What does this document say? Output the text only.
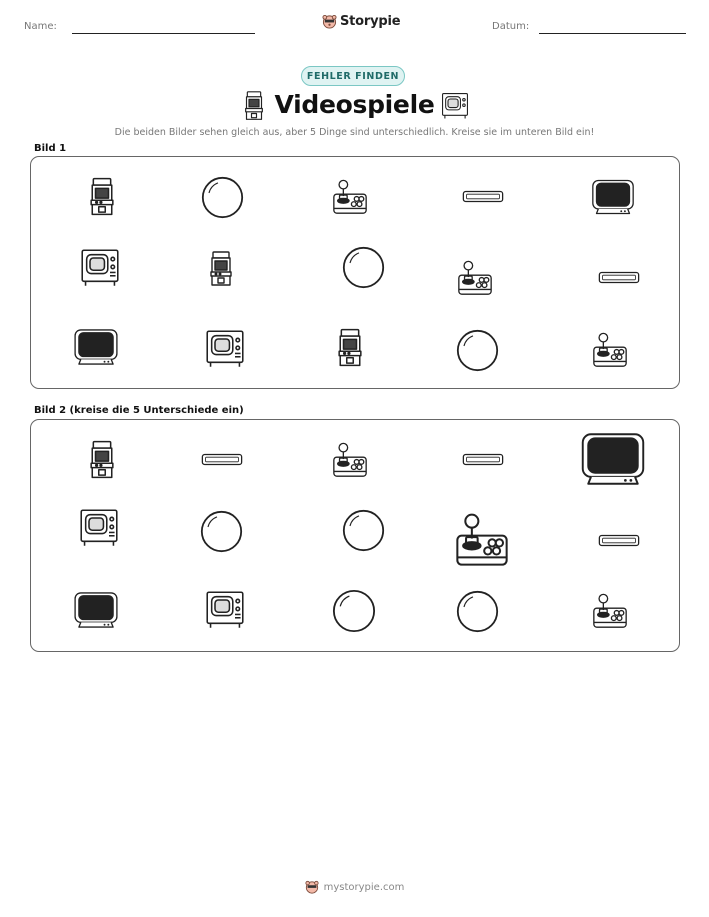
Name:	Storypie	Datum:
FEHLER FINDEN
Videospiele
Die beiden Bilder sehen gleich aus, aber 5 Dinge sind unterschiedlich. Kreise sie im unteren Bild ein!
Bild 1
Bild 2 (kreise die 5 Unterschiede ein)
mystorypie.com
